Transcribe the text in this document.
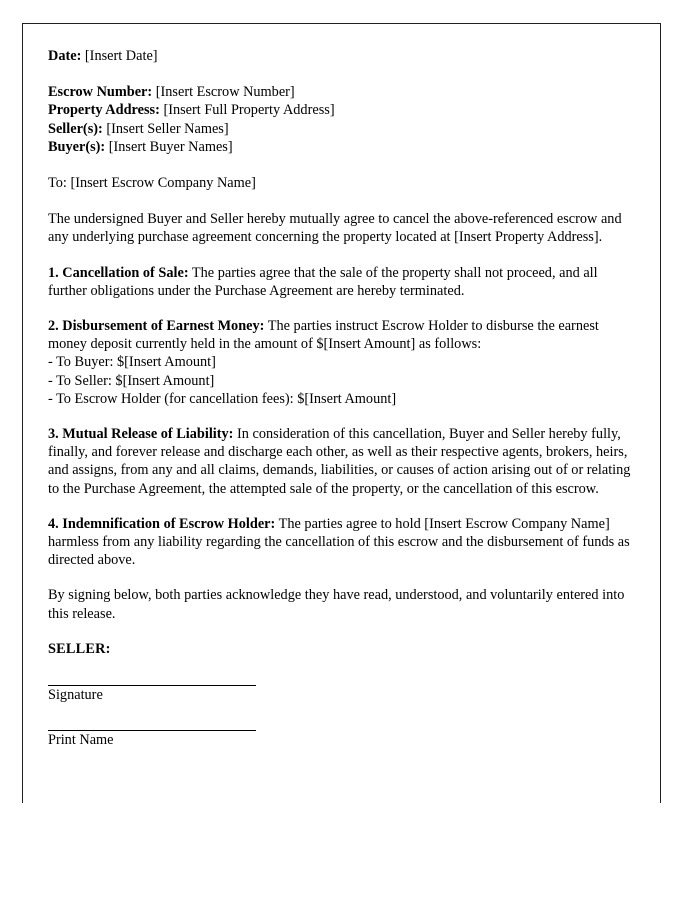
Date: [Insert Date]
Escrow Number: [Insert Escrow Number]
Property Address: [Insert Full Property Address]
Seller(s): [Insert Seller Names]
Buyer(s): [Insert Buyer Names]
To: [Insert Escrow Company Name]
The undersigned Buyer and Seller hereby mutually agree to cancel the above-referenced escrow and any underlying purchase agreement concerning the property located at [Insert Property Address].
1. Cancellation of Sale: The parties agree that the sale of the property shall not proceed, and all further obligations under the Purchase Agreement are hereby terminated.
2. Disbursement of Earnest Money: The parties instruct Escrow Holder to disburse the earnest money deposit currently held in the amount of $[Insert Amount] as follows:
- To Buyer: $[Insert Amount]
- To Seller: $[Insert Amount]
- To Escrow Holder (for cancellation fees): $[Insert Amount]
3. Mutual Release of Liability: In consideration of this cancellation, Buyer and Seller hereby fully, finally, and forever release and discharge each other, as well as their respective agents, brokers, heirs, and assigns, from any and all claims, demands, liabilities, or causes of action arising out of or relating to the Purchase Agreement, the attempted sale of the property, or the cancellation of this escrow.
4. Indemnification of Escrow Holder: The parties agree to hold [Insert Escrow Company Name] harmless from any liability regarding the cancellation of this escrow and the disbursement of funds as directed above.
By signing below, both parties acknowledge they have read, understood, and voluntarily entered into this release.
SELLER:
Signature
Print Name
